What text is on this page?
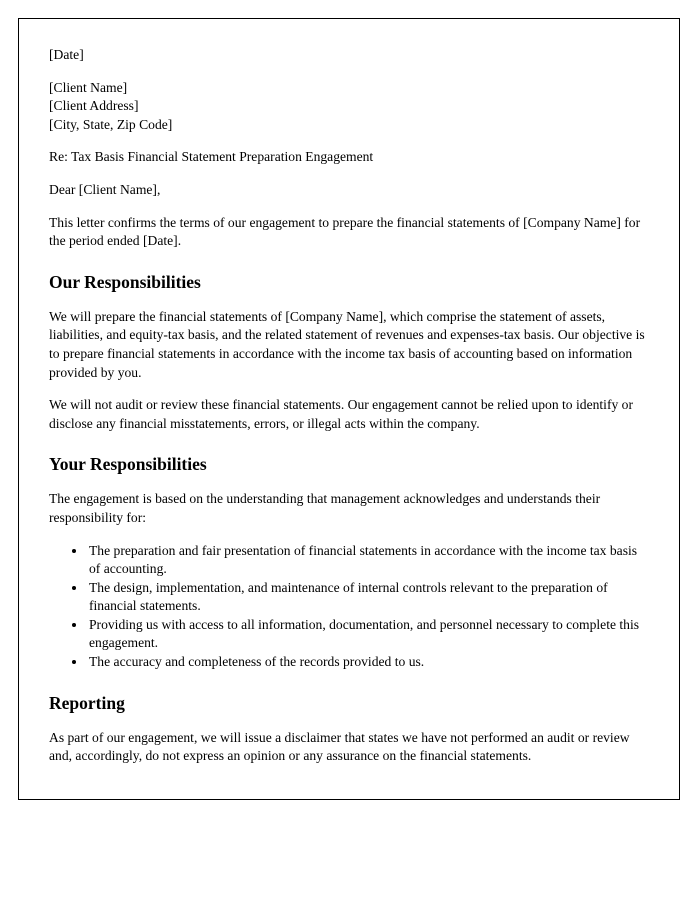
[Date]

[Client Name]

[Client Address]

[City, State, Zip Code]

Re: Tax Basis Financial Statement Preparation Engagement

Dear [Client Name],

This letter confirms the terms of our engagement to prepare the financial statements of [Company Name] for the period ended [Date].

Our Responsibilities

We will prepare the financial statements of [Company Name], which comprise the statement of assets, liabilities, and equity-tax basis, and the related statement of revenues and expenses-tax basis. Our objective is to prepare financial statements in accordance with the income tax basis of accounting based on information provided by you.

We will not audit or review these financial statements. Our engagement cannot be relied upon to identify or disclose any financial misstatements, errors, or illegal acts within the company.

Your Responsibilities

The engagement is based on the understanding that management acknowledges and understands their responsibility for:

• The preparation and fair presentation of financial statements in accordance with the income tax basis of accounting.
• The design, implementation, and maintenance of internal controls relevant to the preparation of financial statements.
• Providing us with access to all information, documentation, and personnel necessary to complete this engagement.
• The accuracy and completeness of the records provided to us.
Reporting

As part of our engagement, we will issue a disclaimer that states we have not performed an audit or review and, accordingly, do not express an opinion or any assurance on the financial statements.
